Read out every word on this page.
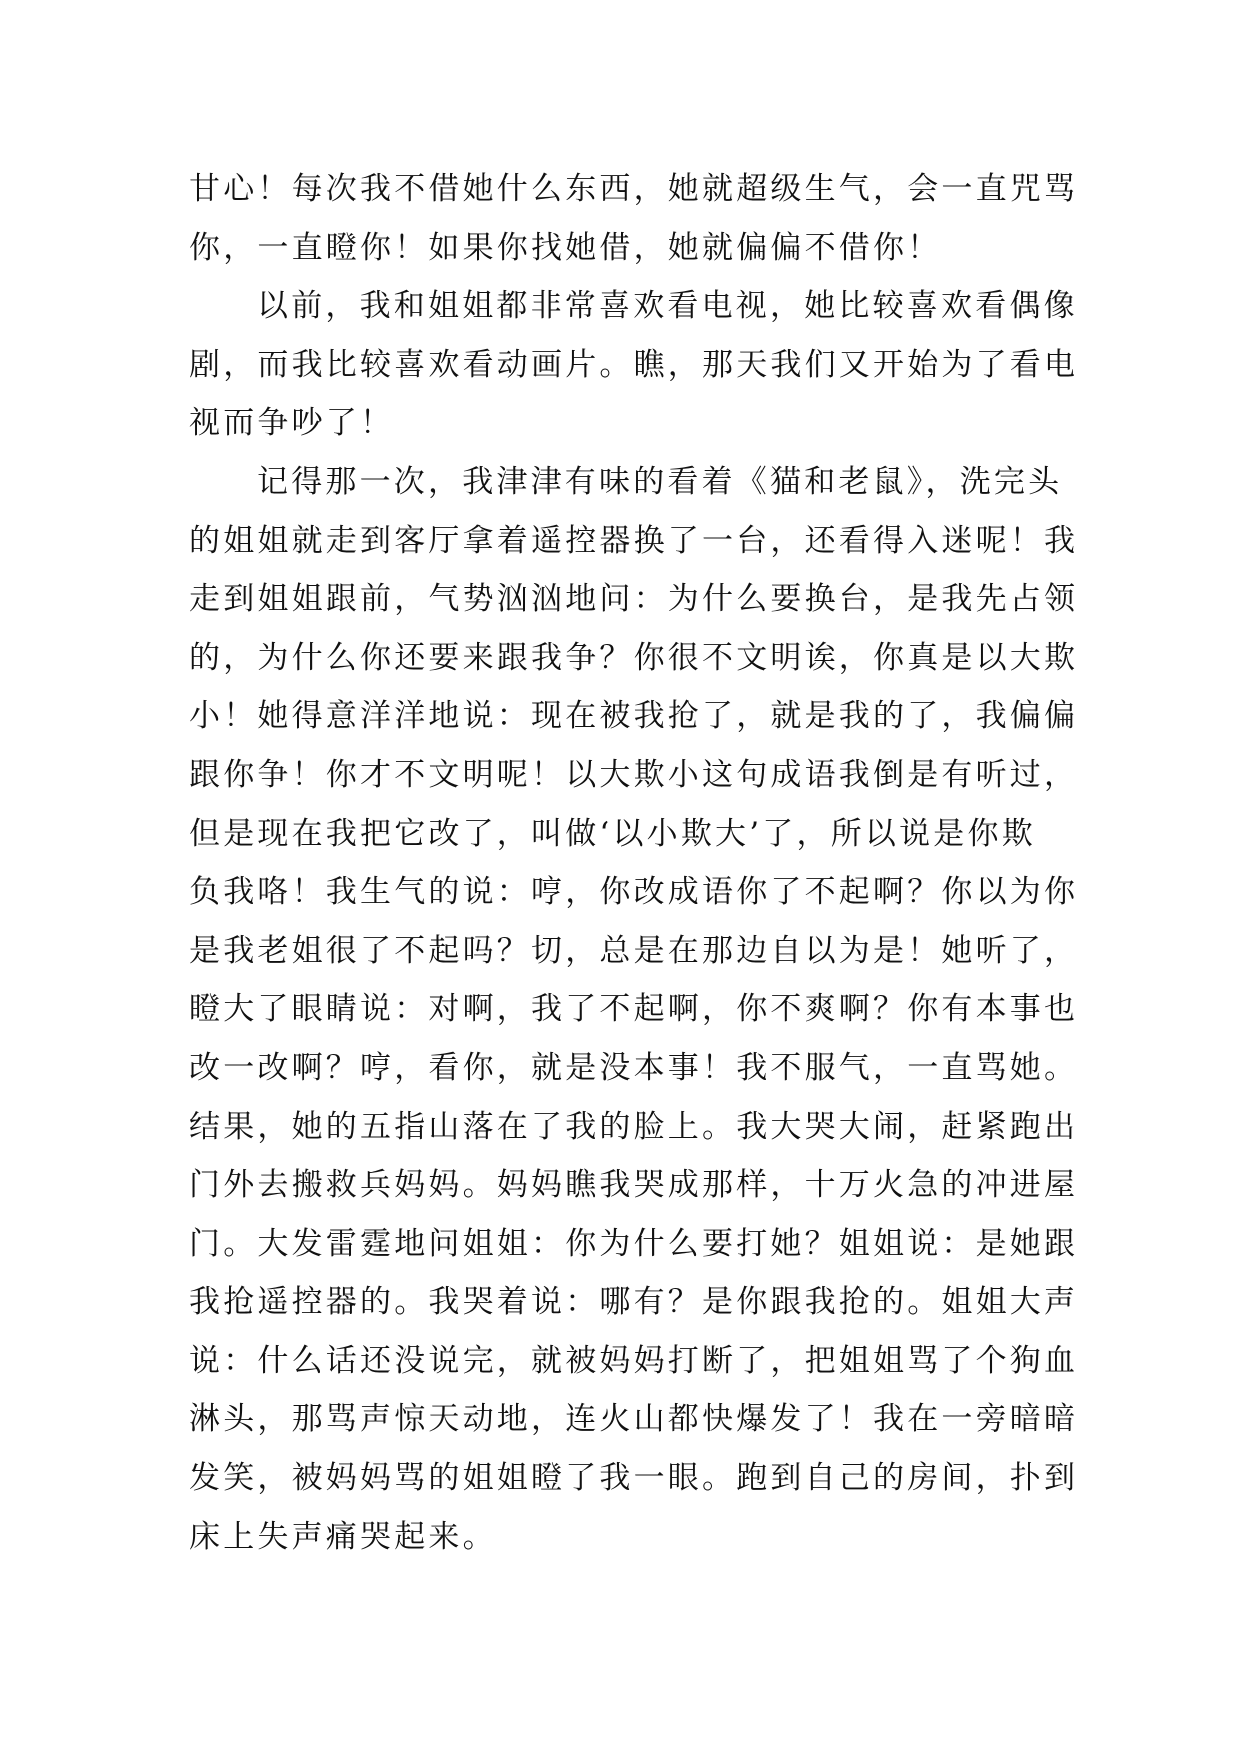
甘心！每次我不借她什么东西，她就超级生气，会一直咒骂
你，一直瞪你！如果你找她借，她就偏偏不借你！
以前，我和姐姐都非常喜欢看电视，她比较喜欢看偶像
剧，而我比较喜欢看动画片。瞧，那天我们又开始为了看电
视而争吵了！
记得那一次，我津津有味的看着《猫和老鼠》，洗完头
的姐姐就走到客厅拿着遥控器换了一台，还看得入迷呢！我
走到姐姐跟前，气势汹汹地问：为什么要换台，是我先占领
的，为什么你还要来跟我争？你很不文明诶，你真是以大欺
小！她得意洋洋地说：现在被我抢了，就是我的了，我偏偏
跟你争！你才不文明呢！以大欺小这句成语我倒是有听过，
但是现在我把它改了，叫做‘以小欺大’了，所以说是你欺
负我咯！我生气的说：哼，你改成语你了不起啊？你以为你
是我老姐很了不起吗？切，总是在那边自以为是！她听了，
瞪大了眼睛说：对啊，我了不起啊，你不爽啊？你有本事也
改一改啊？哼，看你，就是没本事！我不服气，一直骂她。
结果，她的五指山落在了我的脸上。我大哭大闹，赶紧跑出
门外去搬救兵妈妈。妈妈瞧我哭成那样，十万火急的冲进屋
门。大发雷霆地问姐姐：你为什么要打她？姐姐说：是她跟
我抢遥控器的。我哭着说：哪有？是你跟我抢的。姐姐大声
说：什么话还没说完，就被妈妈打断了，把姐姐骂了个狗血
淋头，那骂声惊天动地，连火山都快爆发了！我在一旁暗暗
发笑，被妈妈骂的姐姐瞪了我一眼。跑到自己的房间，扑到
床上失声痛哭起来。
